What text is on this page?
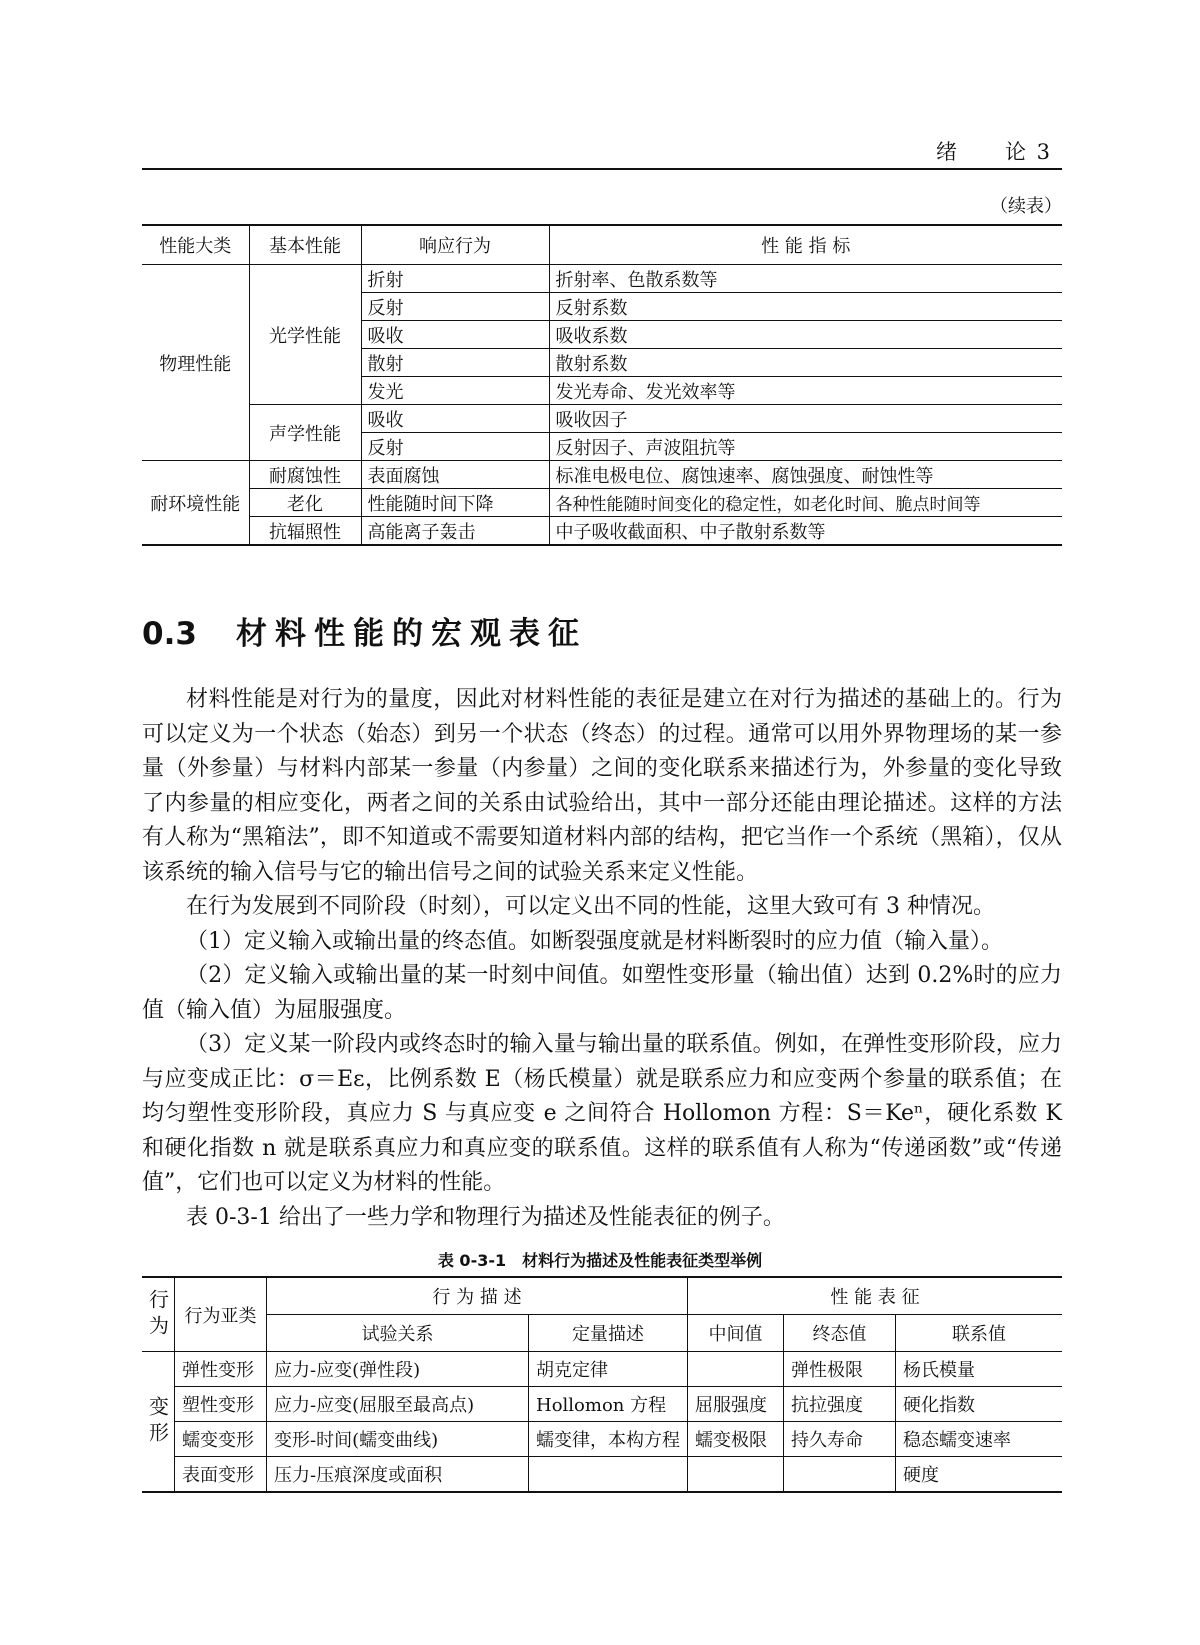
绪 论 3
（续表）
性能大类	基本性能	响应行为	性 能 指 标
物理性能	光学性能	折射	折射率、色散系数等
		反射	反射系数
		吸收	吸收系数
		散射	散射系数
		发光	发光寿命、发光效率等
	声学性能	吸收	吸收因子
		反射	反射因子、声波阻抗等
耐环境性能	耐腐蚀性	表面腐蚀	标准电极电位、腐蚀速率、腐蚀强度、耐蚀性等
	老化	性能随时间下降	各种性能随时间变化的稳定性，如老化时间、脆点时间等
	抗辐照性	高能离子轰击	中子吸收截面积、中子散射系数等
0.3 材料性能的宏观表征

材料性能是对行为的量度，因此对材料性能的表征是建立在对行为描述的基础上的。行为可以定义为一个状态（始态）到另一个状态（终态）的过程。通常可以用外界物理场的某一参量（外参量）与材料内部某一参量（内参量）之间的变化联系来描述行为，外参量的变化导致了内参量的相应变化，两者之间的关系由试验给出，其中一部分还能由理论描述。这样的方法有人称为“黑箱法”，即不知道或不需要知道材料内部的结构，把它当作一个系统（黑箱），仅从该系统的输入信号与它的输出信号之间的试验关系来定义性能。

在行为发展到不同阶段（时刻），可以定义出不同的性能，这里大致可有 3 种情况。

（1）定义输入或输出量的终态值。如断裂强度就是材料断裂时的应力值（输入量）。

（2）定义输入或输出量的某一时刻中间值。如塑性变形量（输出值）达到 0.2%时的应力值（输入值）为屈服强度。

（3）定义某一阶段内或终态时的输入量与输出量的联系值。例如，在弹性变形阶段，应力与应变成正比：σ＝Eε，比例系数 E（杨氏模量）就是联系应力和应变两个参量的联系值；在均匀塑性变形阶段，真应力 S 与真应变 e 之间符合 Hollomon 方程：S＝Keⁿ，硬化系数 K 和硬化指数 n 就是联系真应力和真应变的联系值。这样的联系值有人称为“传递函数”或“传递值”，它们也可以定义为材料的性能。

表 0-3-1 给出了一些力学和物理行为描述及性能表征的例子。

表 0-3-1　材料行为描述及性能表征类型举例
行为	行为亚类	行 为 描 述		性 能 表 征		
		试验关系	定量描述	中间值	终态值	联系值
变形	弹性变形	应力-应变(弹性段)	胡克定律		弹性极限	杨氏模量
	塑性变形	应力-应变(屈服至最高点)	Hollomon 方程	屈服强度	抗拉强度	硬化指数
	蠕变变形	变形-时间(蠕变曲线)	蠕变律，本构方程	蠕变极限	持久寿命	稳态蠕变速率
	表面变形	压力-压痕深度或面积				硬度
